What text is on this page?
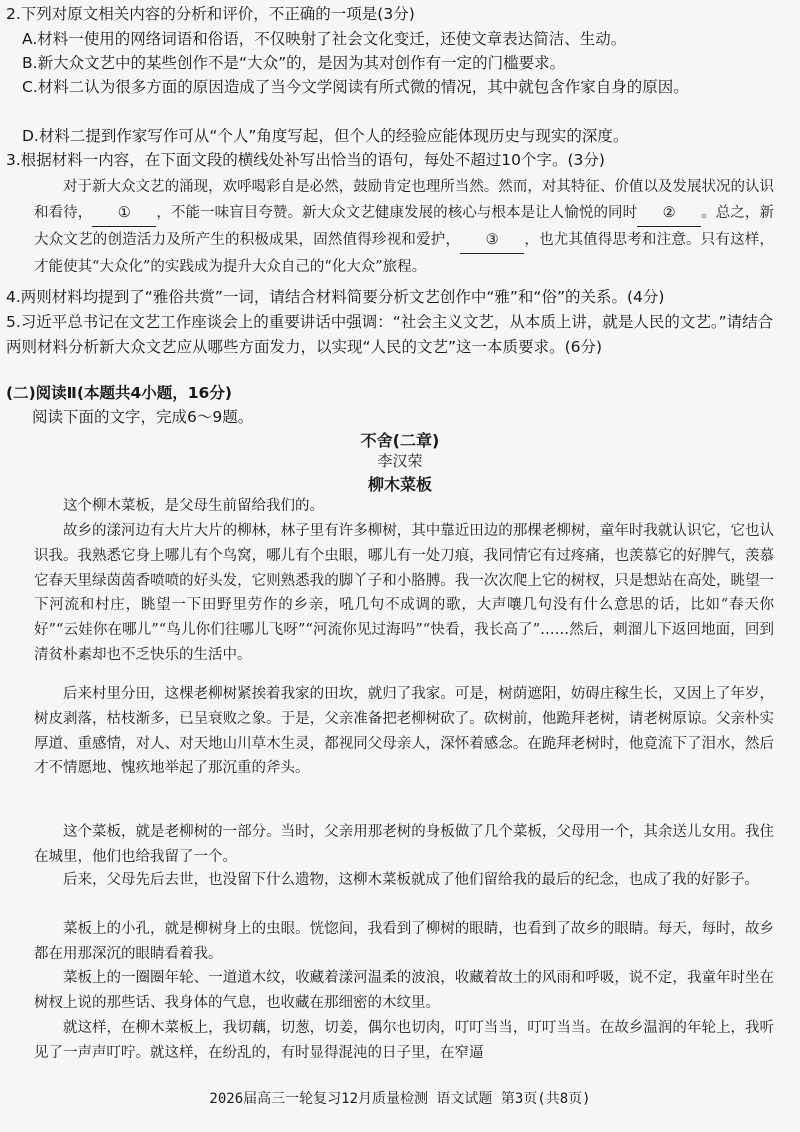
2.下列对原文相关内容的分析和评价，不正确的一项是(3分)
A.材料一使用的网络词语和俗语，不仅映射了社会文化变迁，还使文章表达简洁、生动。
B.新大众文艺中的某些创作不是“大众”的，是因为其对创作有一定的门槛要求。
C.材料二认为很多方面的原因造成了当今文学阅读有所式微的情况，其中就包含作家自身的原因。
D.材料二提到作家写作可从“个人”角度写起，但个人的经验应能体现历史与现实的深度。
3.根据材料一内容，在下面文段的横线处补写出恰当的语句，每处不超过10个字。(3分)
对于新大众文艺的涌现，欢呼喝彩自是必然，鼓励肯定也理所当然。然而，对其特征、价值以及发展状况的认识和看待， ① ，不能一味盲目夸赞。新大众文艺健康发展的核心与根本是让人愉悦的同时 ② 。总之，新大众文艺的创造活力及所产生的积极成果，固然值得珍视和爱护， ③ ，也尤其值得思考和注意。只有这样，才能使其“大众化”的实践成为提升大众自己的“化大众”旅程。
4.两则材料均提到了“雅俗共赏”一词，请结合材料简要分析文艺创作中“雅”和“俗”的关系。(4分)
5.习近平总书记在文艺工作座谈会上的重要讲话中强调：“社会主义文艺，从本质上讲，就是人民的文艺。”请结合两则材料分析新大众文艺应从哪些方面发力，以实现“人民的文艺”这一本质要求。(6分)
(二)阅读Ⅱ(本题共4小题，16分)
阅读下面的文字，完成6～9题。
不舍(二章)
李汉荣
柳木菜板
这个柳木菜板，是父母生前留给我们的。
故乡的漾河边有大片大片的柳林，林子里有许多柳树，其中靠近田边的那棵老柳树，童年时我就认识它，它也认识我。我熟悉它身上哪儿有个鸟窝，哪儿有个虫眼，哪儿有一处刀痕，我同情它有过疼痛，也羡慕它的好脾气，羡慕它春天里绿茵茵香喷喷的好头发，它则熟悉我的脚丫子和小胳膊。我一次次爬上它的树杈，只是想站在高处，眺望一下河流和村庄，眺望一下田野里劳作的乡亲，吼几句不成调的歌，大声嚷几句没有什么意思的话，比如“春天你好”“云娃你在哪儿”“鸟儿你们往哪儿飞呀”“河流你见过海吗”“快看，我长高了”……然后，刺溜儿下返回地面，回到清贫朴素却也不乏快乐的生活中。
后来村里分田，这棵老柳树紧挨着我家的田坎，就归了我家。可是，树荫遮阳，妨碍庄稼生长，又因上了年岁，树皮剥落，枯枝渐多，已呈衰败之象。于是，父亲准备把老柳树砍了。砍树前，他跪拜老树，请老树原谅。父亲朴实厚道、重感情，对人、对天地山川草木生灵，都视同父母亲人，深怀着感念。在跪拜老树时，他竟流下了泪水，然后才不情愿地、愧疚地举起了那沉重的斧头。
这个菜板，就是老柳树的一部分。当时，父亲用那老树的身板做了几个菜板，父母用一个，其余送儿女用。我住在城里，他们也给我留了一个。
后来，父母先后去世，也没留下什么遗物，这柳木菜板就成了他们留给我的最后的纪念，也成了我的好影子。
菜板上的小孔，就是柳树身上的虫眼。恍惚间，我看到了柳树的眼睛，也看到了故乡的眼睛。每天，每时，故乡都在用那深沉的眼睛看着我。
菜板上的一圈圈年轮、一道道木纹，收藏着漾河温柔的波浪，收藏着故土的风雨和呼吸，说不定，我童年时坐在树杈上说的那些话、我身体的气息，也收藏在那细密的木纹里。
就这样，在柳木菜板上，我切藕，切葱，切姜，偶尔也切肉，叮叮当当，叮叮当当。在故乡温润的年轮上，我听见了一声声叮咛。就这样，在纷乱的，有时显得混沌的日子里，在窄逼
2026届高三一轮复习12月质量检测 语文试题 第3页(共8页)
